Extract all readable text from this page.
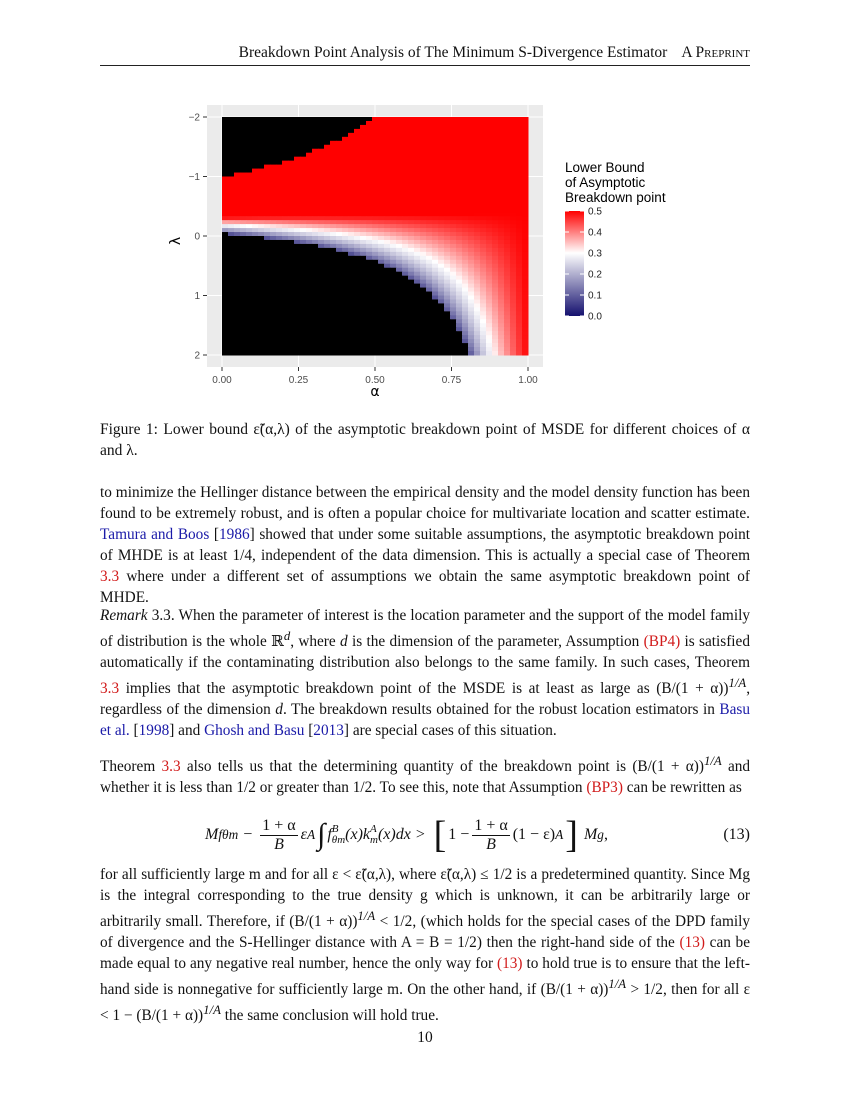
Breakdown Point Analysis of The Minimum S-Divergence Estimator A Preprint
0.00	0.25	0.50	0.75	1.00
−2
−1
0
1
2
α
λ
Lower Bound
of Asymptotic
Breakdown point
0.5
0.4
0.3
0.2
0.1
0.0
Figure 1: Lower bound ε̃(α,λ) of the asymptotic breakdown point of MSDE for different choices of α and λ.

to minimize the Hellinger distance between the empirical density and the model density function has been found to be extremely robust, and is often a popular choice for multivariate location and scatter estimate. Tamura and Boos [1986] showed that under some suitable assumptions, the asymptotic breakdown point of MHDE is at least 1/4, independent of the data dimension. This is actually a special case of Theorem 3.3 where under a different set of assumptions we obtain the same asymptotic breakdown point of MHDE.

Remark 3.3. When the parameter of interest is the location parameter and the support of the model family of distribution is the whole ℝ$^d$, where d is the dimension of the parameter, Assumption (BP4) is satisfied automatically if the contaminating distribution also belongs to the same family. In such cases, Theorem 3.3 implies that the asymptotic breakdown point of the MSDE is at least as large as $(B/(1 + \alpha))^{1/A}$, regardless of the dimension d. The breakdown results obtained for the robust location estimators in Basu et al. [1998] and Ghosh and Basu [2013] are special cases of this situation.

Theorem 3.3 also tells us that the determining quantity of the breakdown point is $(B/(1 + \alpha))^{1/A}$ and whether it is less than 1/2 or greater than 1/2. To see this, note that Assumption (BP3) can be rewritten as

M $f\theta m - \frac{1 + \alpha}{B}$ ε A ∫ f B
θm (x)k A
m (x)dx > [ $1 - \frac{1 + \alpha}{B} (1 - \varepsilon)$ A ] M g ,	(13)

for all sufficiently large m and for all ε < ε̃(α,λ), where ε̃(α,λ) ≤ 1/2 is a predetermined quantity. Since Mg is the integral corresponding to the true density g which is unknown, it can be arbitrarily large or arbitrarily small. Therefore, if $(B/(1 + \alpha))^{1/A} < 1/2$, (which holds for the special cases of the DPD family of divergence and the S-Hellinger distance with A = B = 1/2) then the right-hand side of the (13) can be made equal to any negative real number, hence the only way for (13) to hold true is to ensure that the left-hand side is nonnegative for sufficiently large m. On the other hand, if $(B/(1 + \alpha))^{1/A} > 1/2$, then for all $\varepsilon < 1 - (B/(1 + \alpha))^{1/A}$ the same conclusion will hold true.

10
